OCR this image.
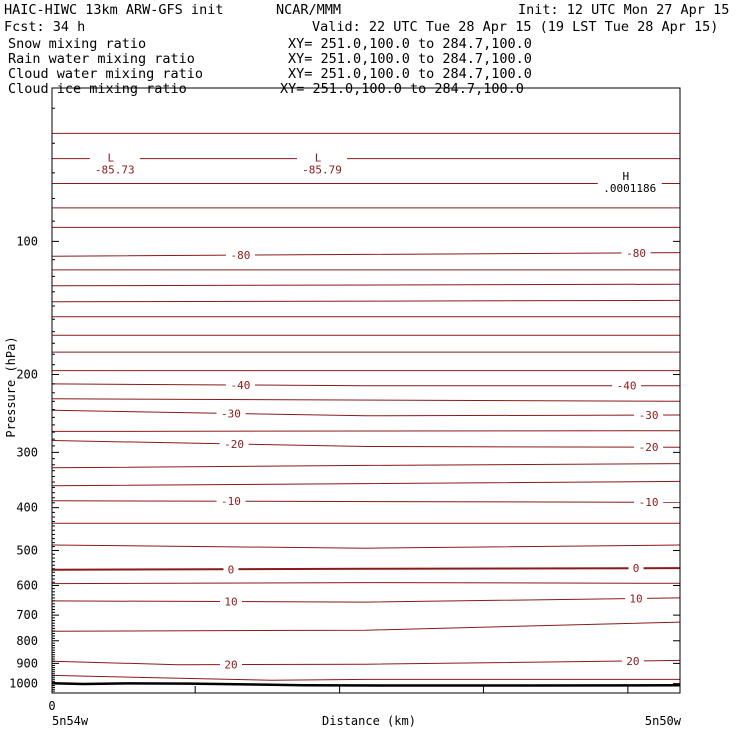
HAIC-HIWC 13km ARW-GFS init	NCAR/MMM	Init: 12 UTC Mon 27 Apr 15
Fcst: 34 h	Valid: 22 UTC Tue 28 Apr 15 (19 LST Tue 28 Apr 15)
Snow mixing ratio	XY= 251.0,100.0 to 284.7,100.0
Rain water mixing ratio	XY= 251.0,100.0 to 284.7,100.0
Cloud water mixing ratio	XY= 251.0,100.0 to 284.7,100.0
Cloud ice mixing ratio	XY= 251.0,100.0 to 284.7,100.0
-80	-80
-40	-40
-30	-30
-20	-20
-10	-10
0	0
10	10
20	20
L
-85.73
L
-85.79
H
.0001186
100
200
300
400
500
600
700
800
900
1000
Pressure (hPa)
Distance (km)
0
5n54w	5n50w
